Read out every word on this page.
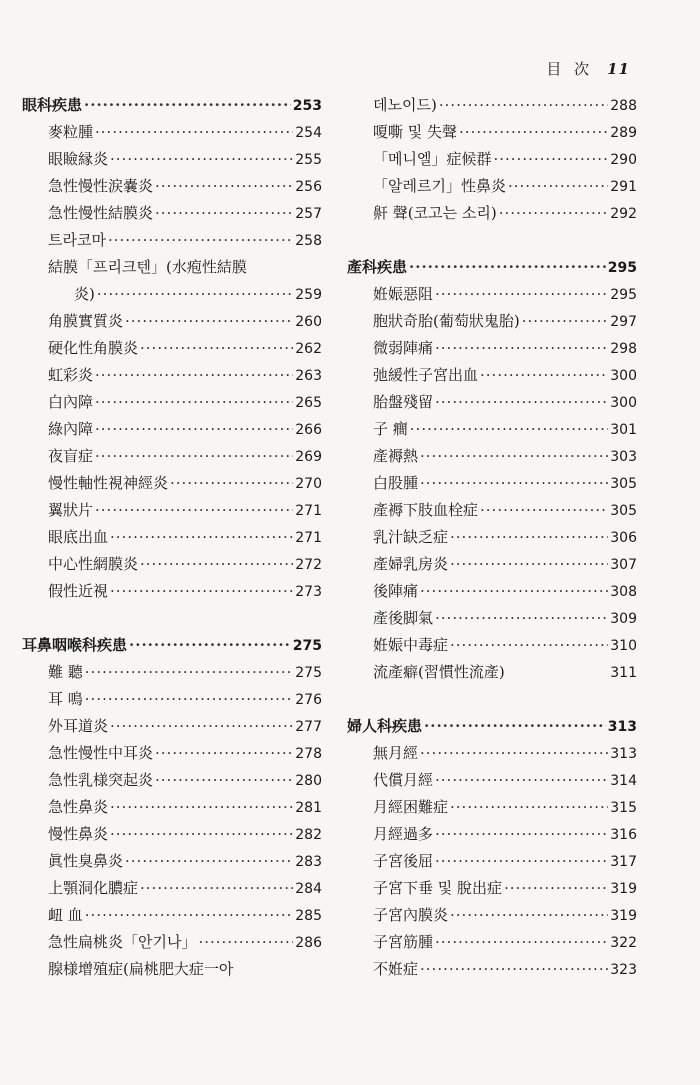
目 次 11
眼科疾患 ·····	253
麥粒腫 ·····	254
眼瞼縁炎 ·····	255
急性慢性涙嚢炎 ·····	256
急性慢性結膜炎 ·····	257
트라코마 ·····	258
結膜「프리크텐」(水疱性結膜
炎) ·····	259
角膜實質炎 ·····	260
硬化性角膜炎 ·····	262
虹彩炎 ·····	263
白內障 ·····	265
綠內障 ·····	266
夜盲症 ·····	269
慢性軸性視神經炎 ·····	270
翼狀片 ·····	271
眼底出血 ·····	271
中心性網膜炎 ·····	272
假性近視 ·····	273
耳鼻咽喉科疾患 ·····	275
難 聽 ·····	275
耳 鳴 ·····	276
外耳道炎 ·····	277
急性慢性中耳炎 ·····	278
急性乳様突起炎 ·····	280
急性鼻炎 ·····	281
慢性鼻炎 ·····	282
眞性臭鼻炎 ·····	283
上顎洞化膿症 ·····	284
衄 血 ·····	285
急性扁桃炎「안기나」 ·····	286
腺様增殖症(扁桃肥大症一아
데노이드) ·····	288
嗄嘶 및 失聲 ·····	289
「메니엘」症候群 ·····	290
「알레르기」性鼻炎 ·····	291
鼾 聲(코고는 소리) ·····	292
產科疾患 ·····	295
姙娠惡阻 ·····	295
胞狀奇胎(葡萄狀鬼胎) ·····	297
微弱陣痛 ·····	298
弛緩性子宮出血 ·····	300
胎盤殘留 ·····	300
子 癎 ·····	301
產褥熱 ·····	303
白股腫 ·····	305
產褥下肢血栓症 ·····	305
乳汁缺乏症 ·····	306
產婦乳房炎 ·····	307
後陣痛 ·····	308
產後脚氣 ·····	309
姙娠中毒症 ·····	310
流產癖(習慣性流產)	311
婦人科疾患 ·····	313
無月經 ·····	313
代償月經 ·····	314
月經困難症 ·····	315
月經過多 ·····	316
子宮後屈 ·····	317
子宮下垂 및 脫出症 ·····	319
子宮內膜炎 ·····	319
子宮筋腫 ·····	322
不姙症 ·····	323
